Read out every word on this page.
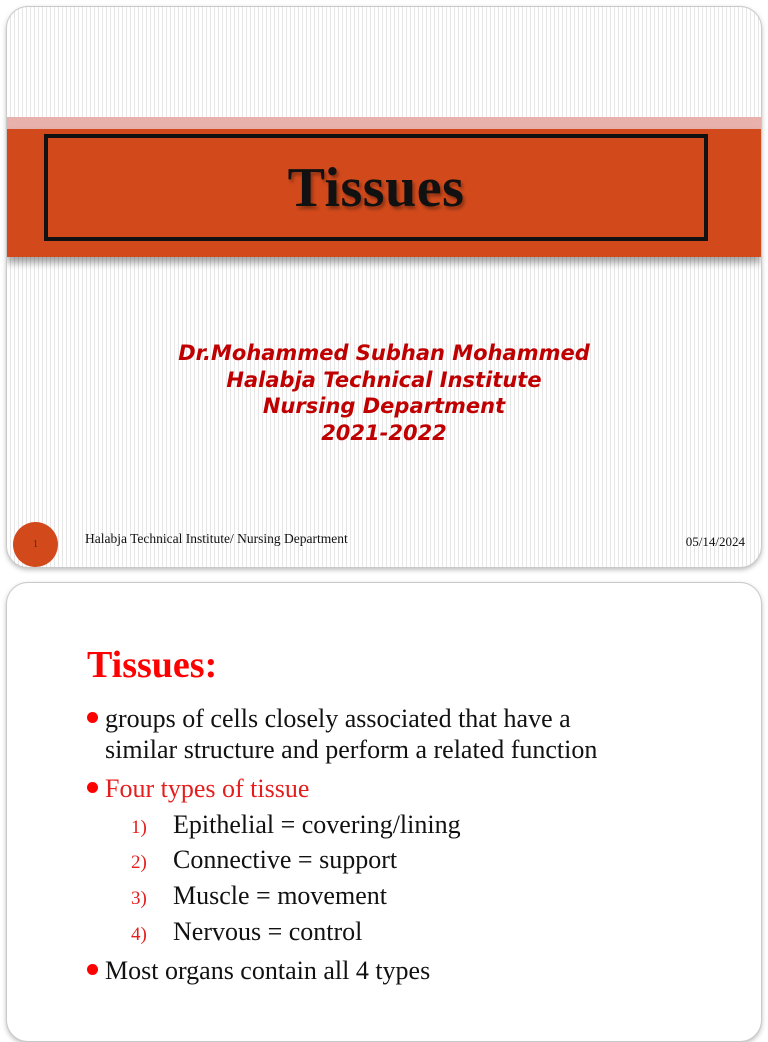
Tissues
Dr.Mohammed Subhan Mohammed
Halabja Technical Institute
Nursing Department
2021-2022
1	Halabja Technical Institute/ Nursing Department	05/14/2024
Tissues:
groups of cells closely associated that have a
similar structure and perform a related function
Four types of tissue
1)	Epithelial = covering/lining
2)	Connective = support
3)	Muscle = movement
4)	Nervous = control
Most organs contain all 4 types
